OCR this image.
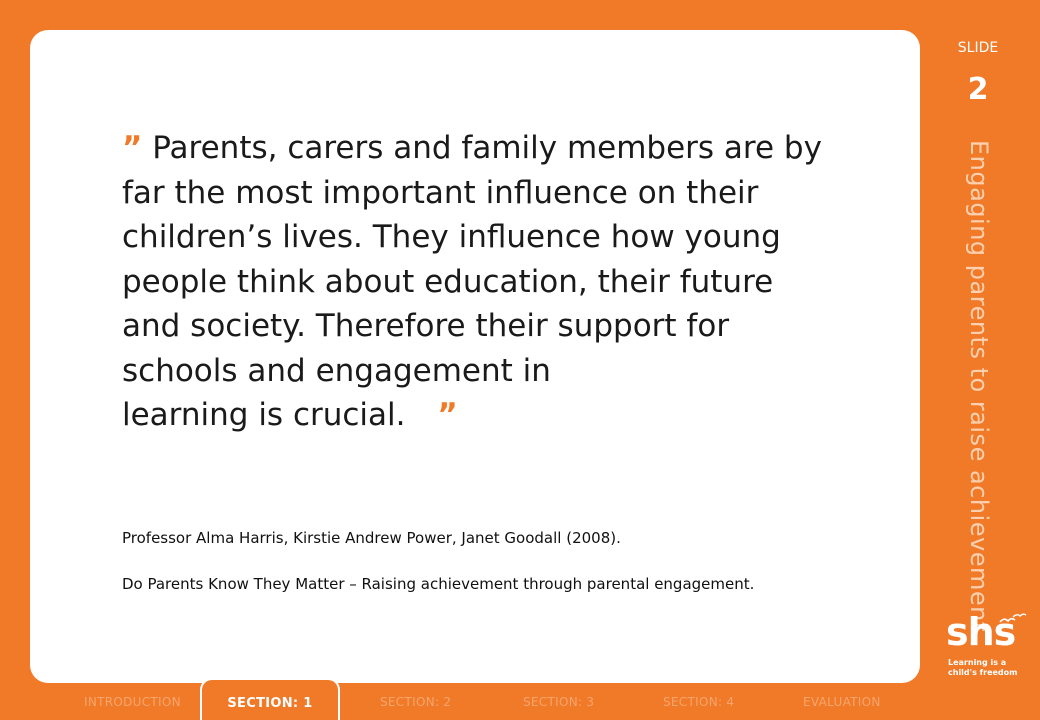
” Parents, carers and family members are by far the most important influence on their children’s lives. They influence how young people think about education, their future and society. Therefore their support for schools and engagement in
learning is crucial. ”

Professor Alma Harris, Kirstie Andrew Power, Janet Goodall (2008).

Do Parents Know They Matter – Raising achievement through parental engagement.

SLIDE
2
Engaging parents to raise achievement
shs
Learning is a
child's freedom
INTRODUCTION	SECTION: 1	SECTION: 2	SECTION: 3	SECTION: 4	EVALUATION
